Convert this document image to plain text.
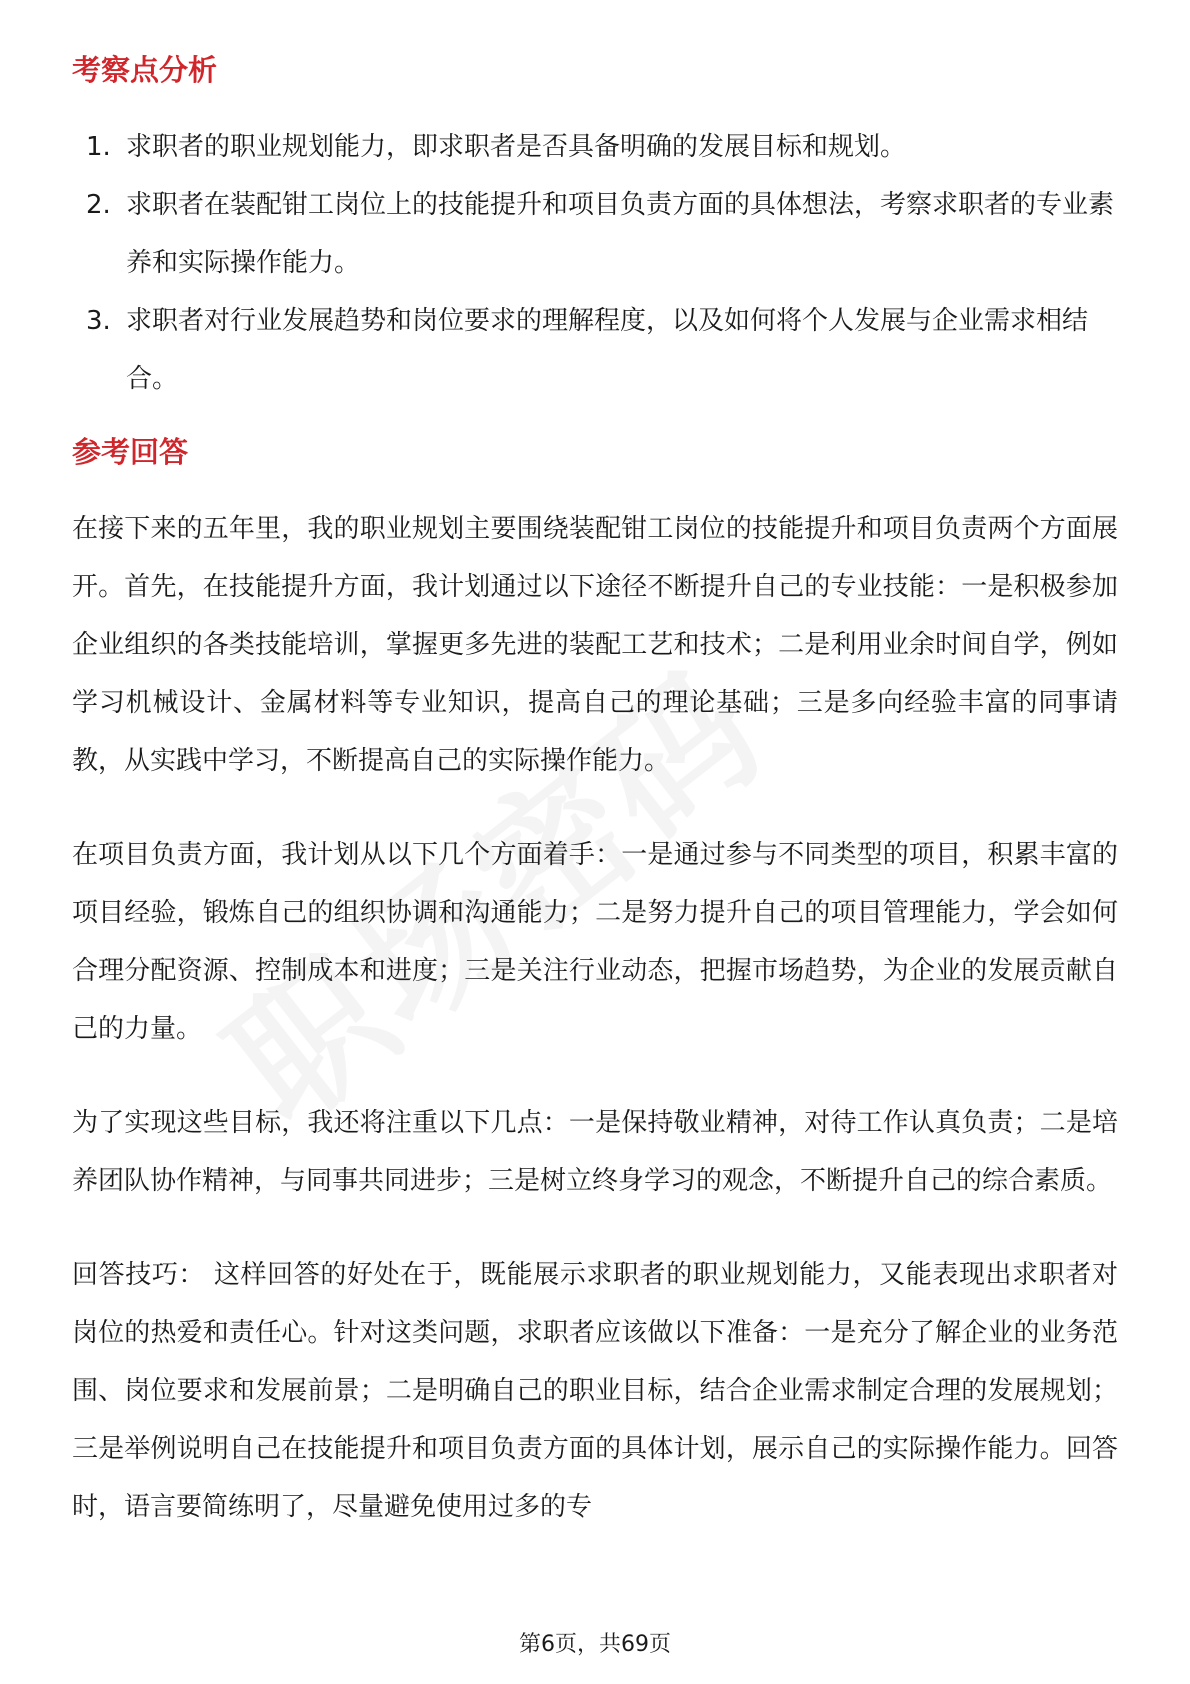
考察点分析
1. 求职者的职业规划能力，即求职者是否具备明确的发展目标和规划。
2. 求职者在装配钳工岗位上的技能提升和项目负责方面的具体想法，考察求职者的专业素养和实际操作能力。
3. 求职者对行业发展趋势和岗位要求的理解程度，以及如何将个人发展与企业需求相结合。
参考回答

在接下来的五年里，我的职业规划主要围绕装配钳工岗位的技能提升和项目负责两个方面展开。首先，在技能提升方面，我计划通过以下途径不断提升自己的专业技能：一是积极参加企业组织的各类技能培训，掌握更多先进的装配工艺和技术；二是利用业余时间自学，例如学习机械设计、金属材料等专业知识，提高自己的理论基础；三是多向经验丰富的同事请教，从实践中学习，不断提高自己的实际操作能力。

在项目负责方面，我计划从以下几个方面着手：一是通过参与不同类型的项目，积累丰富的项目经验，锻炼自己的组织协调和沟通能力；二是努力提升自己的项目管理能力，学会如何合理分配资源、控制成本和进度；三是关注行业动态，把握市场趋势，为企业的发展贡献自己的力量。

为了实现这些目标，我还将注重以下几点：一是保持敬业精神，对待工作认真负责；二是培养团队协作精神，与同事共同进步；三是树立终身学习的观念，不断提升自己的综合素质。

回答技巧： 这样回答的好处在于，既能展示求职者的职业规划能力，又能表现出求职者对岗位的热爱和责任心。针对这类问题，求职者应该做以下准备：一是充分了解企业的业务范围、岗位要求和发展前景；二是明确自己的职业目标，结合企业需求制定合理的发展规划；三是举例说明自己在技能提升和项目负责方面的具体计划，展示自己的实际操作能力。回答时，语言要简练明了，尽量避免使用过多的专

第6页，共69页
